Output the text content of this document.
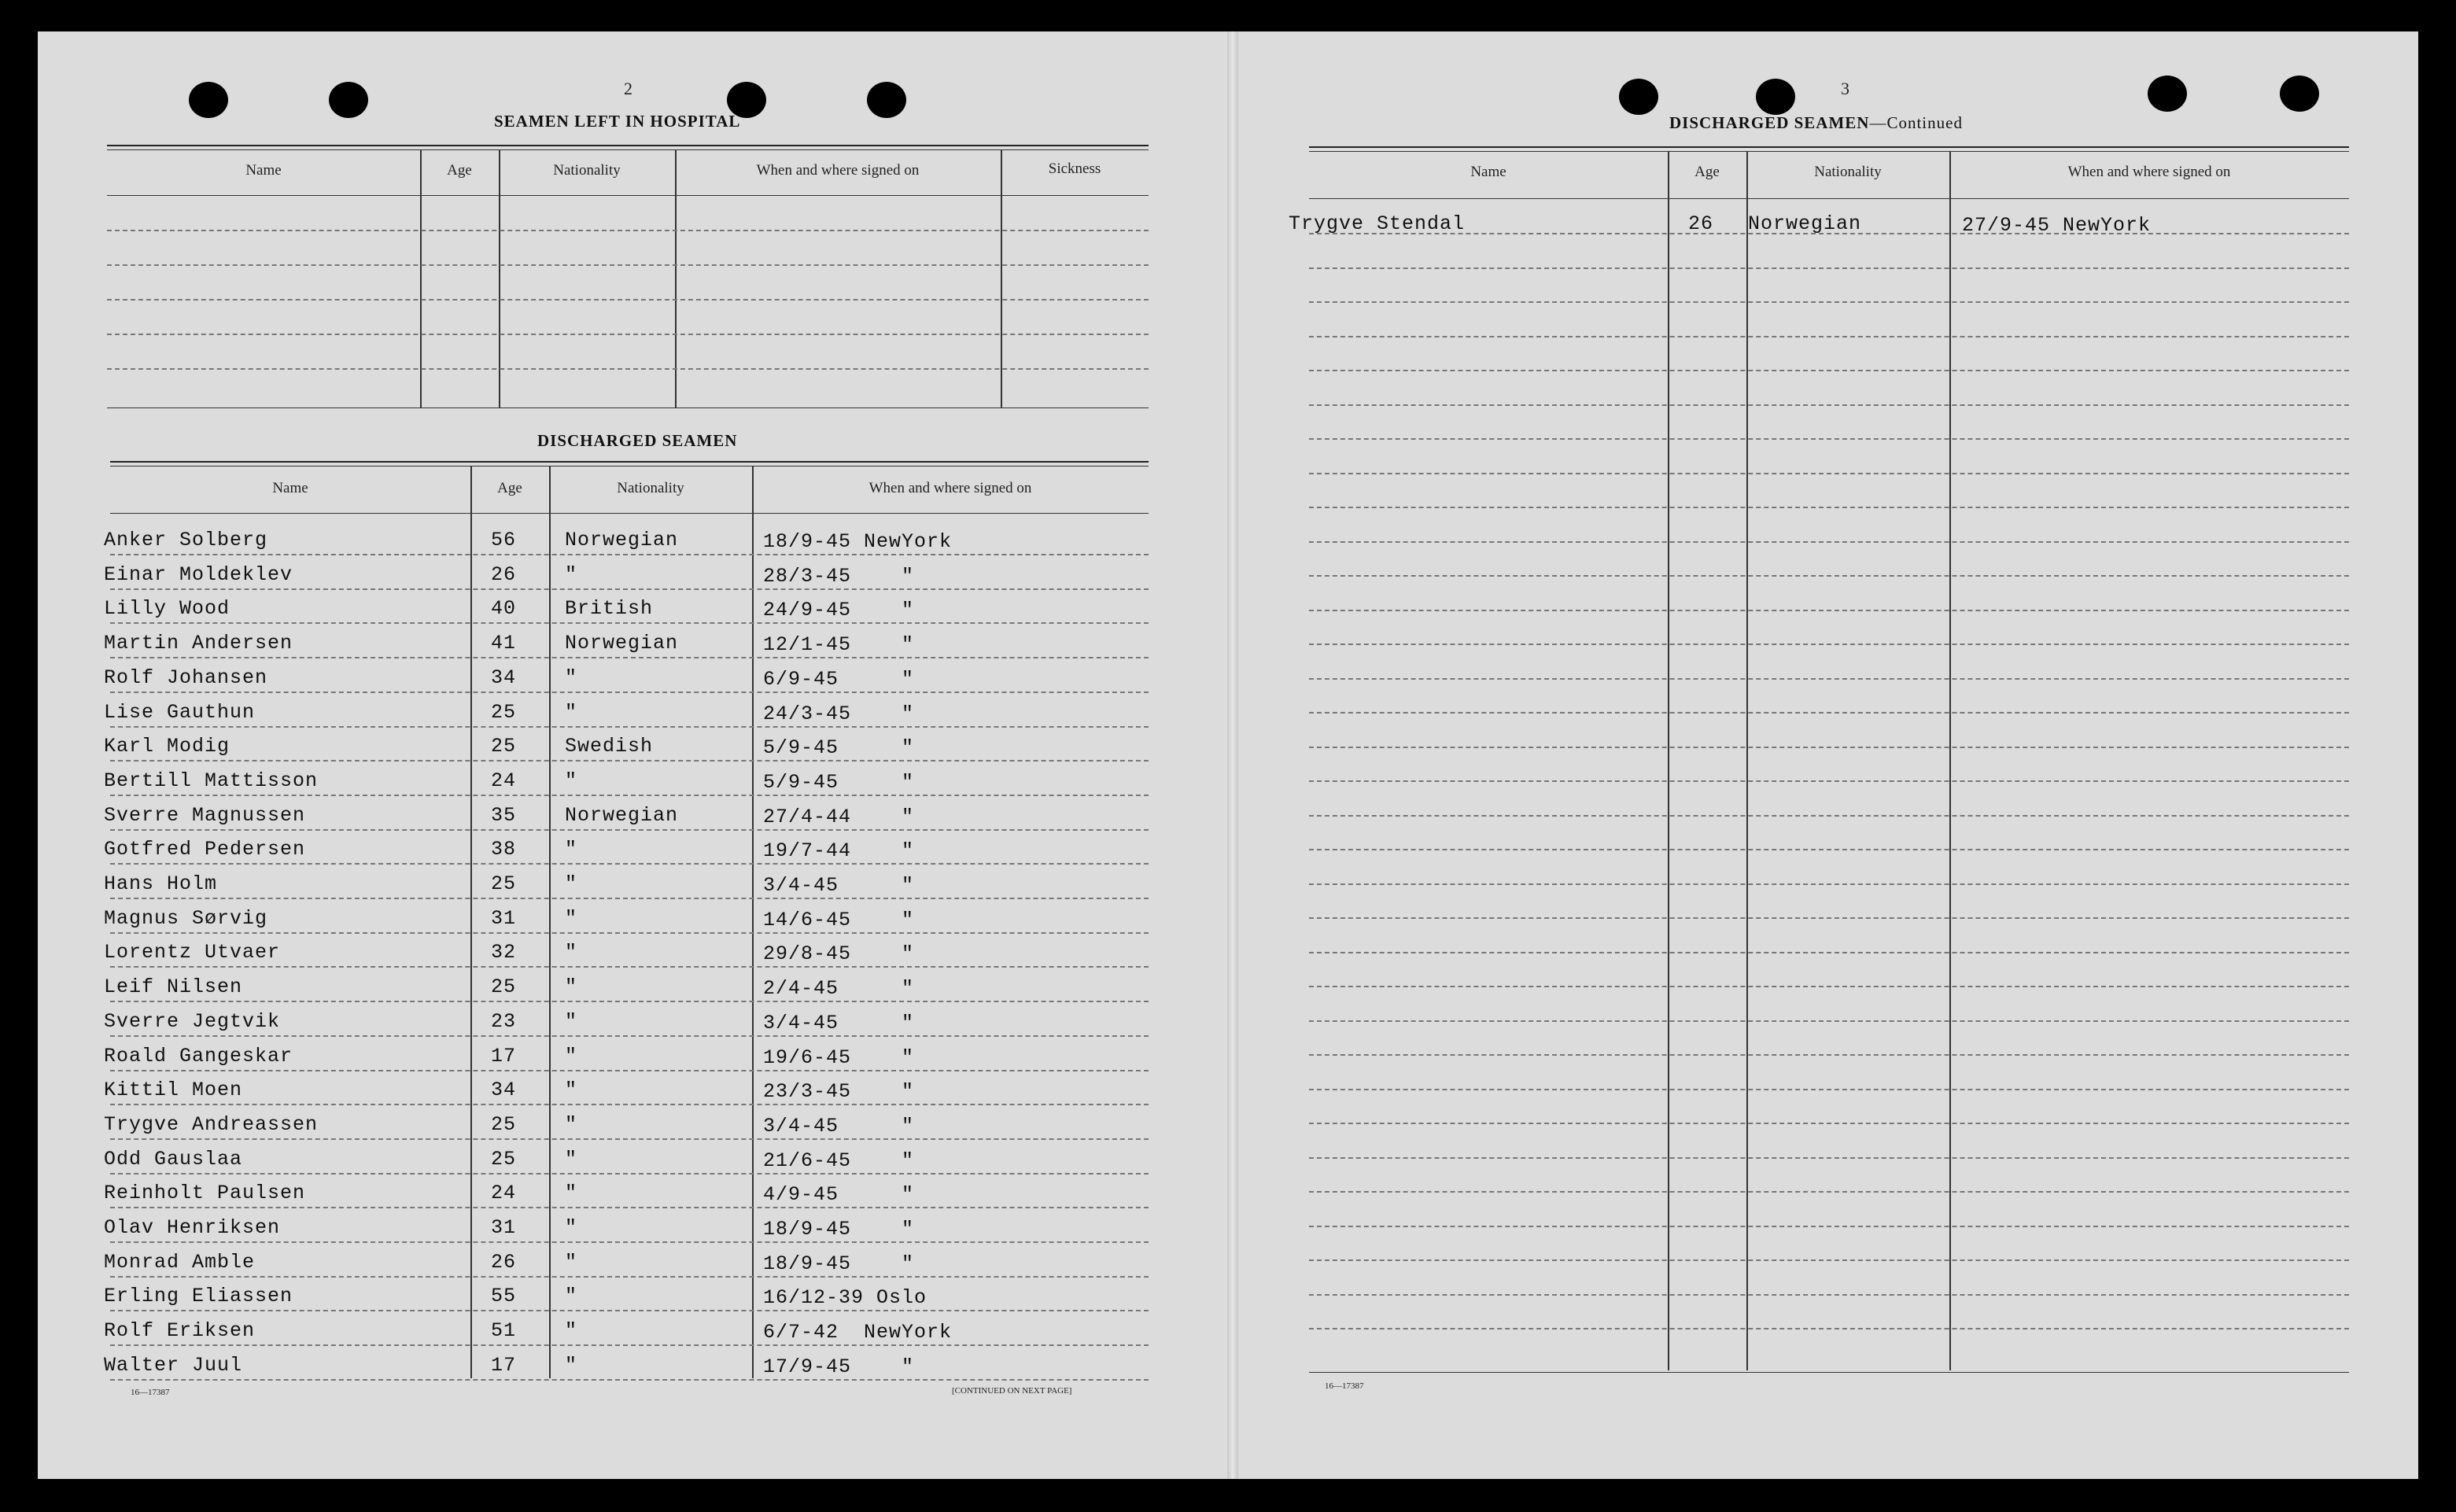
2
SEAMEN LEFT IN HOSPITAL
Name	Age	Nationality	When and where signed on	Sickness
DISCHARGED SEAMEN
Name	Age	Nationality	When and where signed on
Anker Solberg	56 Norwegian	18/9-45 NewYork
Einar Moldeklev	26 "	28/3-45    "
Lilly Wood	40 British	24/9-45    "
Martin Andersen	41 Norwegian	12/1-45    "
Rolf Johansen	34 "	6/9-45     "
Lise Gauthun	25 "	24/3-45    "
Karl Modig	25 Swedish	5/9-45     "
Bertill Mattisson	24 "	5/9-45     "
Sverre Magnussen	35 Norwegian	27/4-44    "
Gotfred Pedersen	38 "	19/7-44    "
Hans Holm	25 "	3/4-45     "
Magnus Sørvig	31 "	14/6-45    "
Lorentz Utvaer	32 "	29/8-45    "
Leif Nilsen	25 "	2/4-45     "
Sverre Jegtvik	23 "	3/4-45     "
Roald Gangeskar	17 "	19/6-45    "
Kittil Moen	34 "	23/3-45    "
Trygve Andreassen	25 "	3/4-45     "
Odd Gauslaa	25 "	21/6-45    "
Reinholt Paulsen	24 "	4/9-45     "
Olav Henriksen	31 "	18/9-45    "
Monrad Amble	26 "	18/9-45    "
Erling Eliassen	55 "	16/12-39 Oslo
Rolf Eriksen	51 "	6/7-42  NewYork
Walter Juul	17 "	17/9-45    "
16—17387	[CONTINUED ON NEXT PAGE]
3
DISCHARGED SEAMEN—Continued
Name	Age	Nationality	When and where signed on
Trygve Stendal	26 Norwegian	27/9-45 NewYork
16—17387
